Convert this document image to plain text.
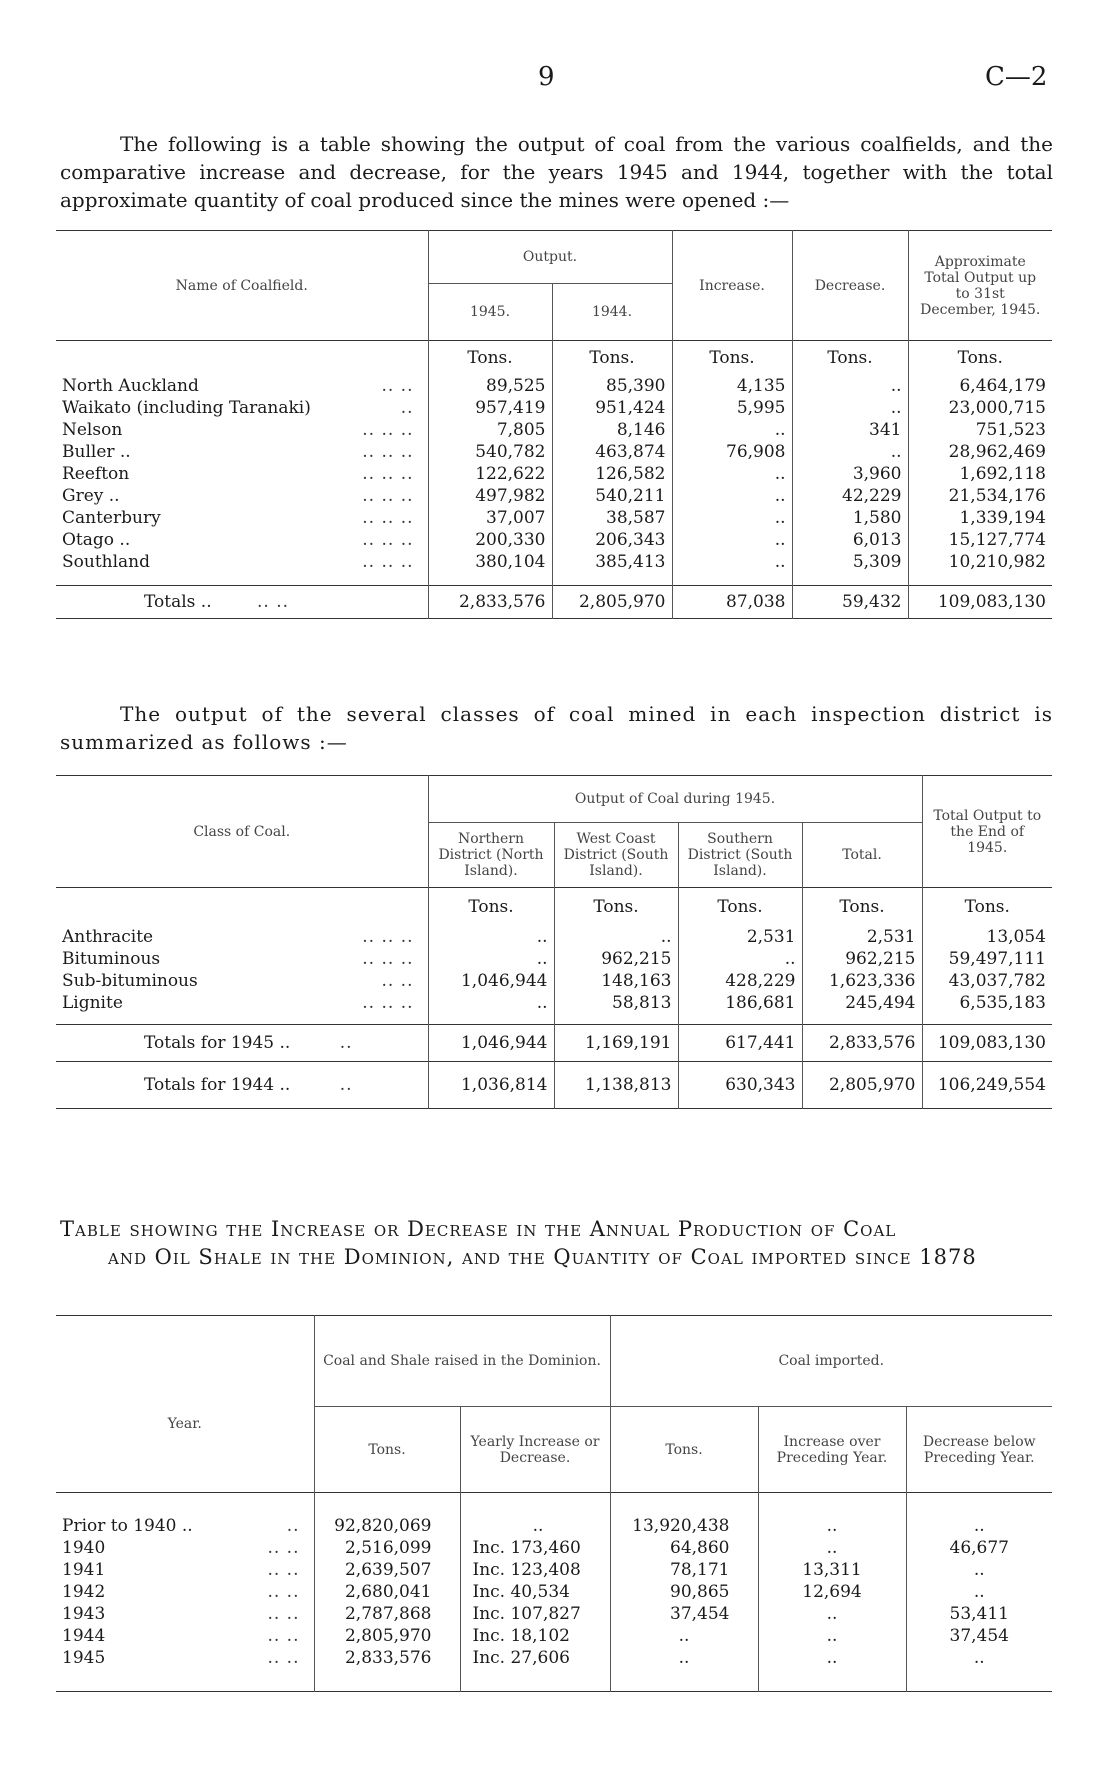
9	C—2

The following is a table showing the output of coal from the various coalfields, and the comparative increase and decrease, for the years 1945 and 1944, together with the total approximate quantity of coal produced since the mines were opened :—

Name of Coalfield.	Output.		Increase.	Decrease.	Approximate Total Output up to 31st December, 1945.
	1945.	1944.			
	Tons.	Tons.	Tons.	Tons.	Tons.
North Auckland .. ..	89,525	85,390	4,135	..	6,464,179
Waikato (including Taranaki) ..	957,419	951,424	5,995	..	23,000,715
Nelson .. .. ..	7,805	8,146	..	341	751,523
Buller .. .. .. ..	540,782	463,874	76,908	..	28,962,469
Reefton .. .. ..	122,622	126,582	..	3,960	1,692,118
Grey .. .. .. ..	497,982	540,211	..	42,229	21,534,176
Canterbury .. .. ..	37,007	38,587	..	1,580	1,339,194
Otago .. .. .. ..	200,330	206,343	..	6,013	15,127,774
Southland .. .. ..	380,104	385,413	..	5,309	10,210,982

Totals .. .. ..	2,833,576	2,805,970	87,038	59,432	109,083,130

The output of the several classes of coal mined in each inspection district is summarized as follows :—

Class of Coal.	Output of Coal during 1945.				Total Output to the End of 1945.
	Northern District (North Island).	West Coast District (South Island).	Southern District (South Island).	Total.	
	Tons.	Tons.	Tons.	Tons.	Tons.
Anthracite .. .. ..	..	..	2,531	2,531	13,054
Bituminous .. .. ..	..	962,215	..	962,215	59,497,111
Sub-bituminous .. ..	1,046,944	148,163	428,229	1,623,336	43,037,782
Lignite .. .. ..	..	58,813	186,681	245,494	6,535,183

Totals for 1945 .. ..	1,046,944	1,169,191	617,441	2,833,576	109,083,130
Totals for 1944 .. ..	1,036,814	1,138,813	630,343	2,805,970	106,249,554
Table showing the Increase or Decrease in the Annual Production of Coal
and Oil Shale in the Dominion, and the Quantity of Coal imported since 1878
Year.	Coal and Shale raised in the Dominion.		Coal imported.		
	Tons.	Yearly Increase or Decrease.	Tons.	Increase over Preceding Year.	Decrease below Preceding Year.

Prior to 1940 .. ..	92,820,069	..	13,920,438	..	..
1940 .. ..	2,516,099	Inc. 173,460	64,860	..	46,677
1941 .. ..	2,639,507	Inc. 123,408	78,171	13,311	..
1942 .. ..	2,680,041	Inc. 40,534	90,865	12,694	..
1943 .. ..	2,787,868	Inc. 107,827	37,454	..	53,411
1944 .. ..	2,805,970	Inc. 18,102	..	..	37,454
1945 .. ..	2,833,576	Inc. 27,606	..	..	..
